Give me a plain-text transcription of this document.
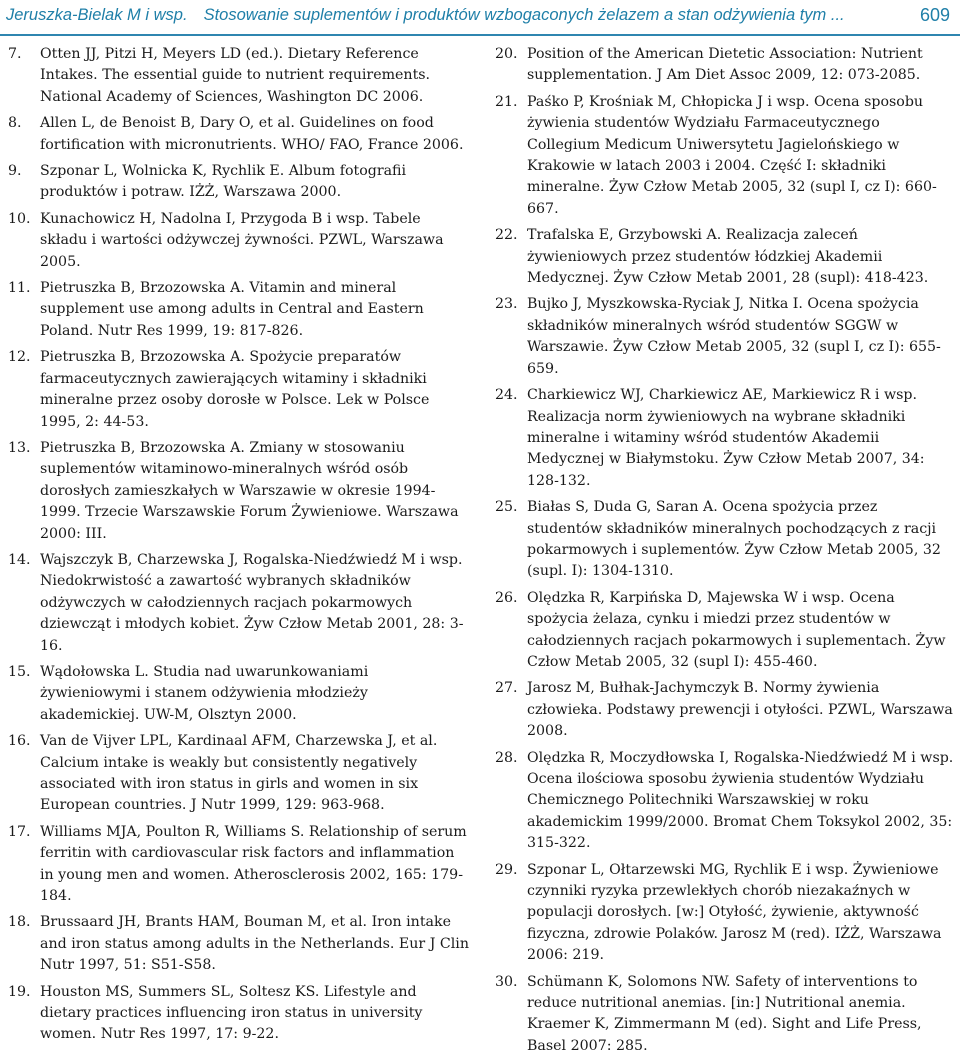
Jeruszka-Bielak M i wsp. Stosowanie suplementów i produktów wzbogaconych żelazem a stan odżywienia tym ...	609
7. Otten JJ, Pitzi H, Meyers LD (ed.). Dietary Reference Intakes. The essential guide to nutrient requirements. National Academy of Sciences, Washington DC 2006.
8. Allen L, de Benoist B, Dary O, et al. Guidelines on food fortification with micronutrients. WHO/ FAO, France 2006.
9. Szponar L, Wolnicka K, Rychlik E. Album fotografii produktów i potraw. IŻŻ, Warszawa 2000.
10. Kunachowicz H, Nadolna I, Przygoda B i wsp. Tabele składu i wartości odżywczej żywności. PZWL, Warszawa 2005.
11. Pietruszka B, Brzozowska A. Vitamin and mineral supplement use among adults in Central and Eastern Poland. Nutr Res 1999, 19: 817-826.
12. Pietruszka B, Brzozowska A. Spożycie preparatów farmaceutycznych zawierających witaminy i składniki mineralne przez osoby dorosłe w Polsce. Lek w Polsce 1995, 2: 44-53.
13. Pietruszka B, Brzozowska A. Zmiany w stosowaniu suplementów witaminowo-mineralnych wśród osób dorosłych zamieszkałych w Warszawie w okresie 1994-1999. Trzecie Warszawskie Forum Żywieniowe. Warszawa 2000: III.
14. Wajszczyk B, Charzewska J, Rogalska-Niedźwiedź M i wsp. Niedokrwistość a zawartość wybranych składników odżywczych w całodziennych racjach pokarmowych dziewcząt i młodych kobiet. Żyw Człow Metab 2001, 28: 3-16.
15. Wądołowska L. Studia nad uwarunkowaniami żywieniowymi i stanem odżywienia młodzieży akademickiej. UW-M, Olsztyn 2000.
16. Van de Vijver LPL, Kardinaal AFM, Charzewska J, et al. Calcium intake is weakly but consistently negatively associated with iron status in girls and women in six European countries. J Nutr 1999, 129: 963-968.
17. Williams MJA, Poulton R, Williams S. Relationship of serum ferritin with cardiovascular risk factors and inflammation in young men and women. Atherosclerosis 2002, 165: 179-184.
18. Brussaard JH, Brants HAM, Bouman M, et al. Iron intake and iron status among adults in the Netherlands. Eur J Clin Nutr 1997, 51: S51-S58.
19. Houston MS, Summers SL, Soltesz KS. Lifestyle and dietary practices influencing iron status in university women. Nutr Res 1997, 17: 9-22.
20. Position of the American Dietetic Association: Nutrient supplementation. J Am Diet Assoc 2009, 12: 073-2085.
21. Paśko P, Krośniak M, Chłopicka J i wsp. Ocena sposobu żywienia studentów Wydziału Farmaceutycznego Collegium Medicum Uniwersytetu Jagielońskiego w Krakowie w latach 2003 i 2004. Część I: składniki mineralne. Żyw Człow Metab 2005, 32 (supl I, cz I): 660-667.
22. Trafalska E, Grzybowski A. Realizacja zaleceń żywieniowych przez studentów łódzkiej Akademii Medycznej. Żyw Człow Metab 2001, 28 (supl): 418-423.
23. Bujko J, Myszkowska-Ryciak J, Nitka I. Ocena spożycia składników mineralnych wśród studentów SGGW w Warszawie. Żyw Człow Metab 2005, 32 (supl I, cz I): 655-659.
24. Charkiewicz WJ, Charkiewicz AE, Markiewicz R i wsp. Realizacja norm żywieniowych na wybrane składniki mineralne i witaminy wśród studentów Akademii Medycznej w Białymstoku. Żyw Człow Metab 2007, 34: 128-132.
25. Białas S, Duda G, Saran A. Ocena spożycia przez studentów składników mineralnych pochodzących z racji pokarmowych i suplementów. Żyw Człow Metab 2005, 32 (supl. I): 1304-1310.
26. Olędzka R, Karpińska D, Majewska W i wsp. Ocena spożycia żelaza, cynku i miedzi przez studentów w całodziennych racjach pokarmowych i suplementach. Żyw Człow Metab 2005, 32 (supl I): 455-460.
27. Jarosz M, Bułhak-Jachymczyk B. Normy żywienia człowieka. Podstawy prewencji i otyłości. PZWL, Warszawa 2008.
28. Olędzka R, Moczydłowska I, Rogalska-Niedźwiedź M i wsp. Ocena ilościowa sposobu żywienia studentów Wydziału Chemicznego Politechniki Warszawskiej w roku akademickim 1999/2000. Bromat Chem Toksykol 2002, 35: 315-322.
29. Szponar L, Ołtarzewski MG, Rychlik E i wsp. Żywieniowe czynniki ryzyka przewlekłych chorób niezakaźnych w populacji dorosłych. [w:] Otyłość, żywienie, aktywność fizyczna, zdrowie Polaków. Jarosz M (red). IŻŻ, Warszawa 2006: 219.
30. Schümann K, Solomons NW. Safety of interventions to reduce nutritional anemias. [in:] Nutritional anemia. Kraemer K, Zimmermann M (ed). Sight and Life Press, Basel 2007: 285.
